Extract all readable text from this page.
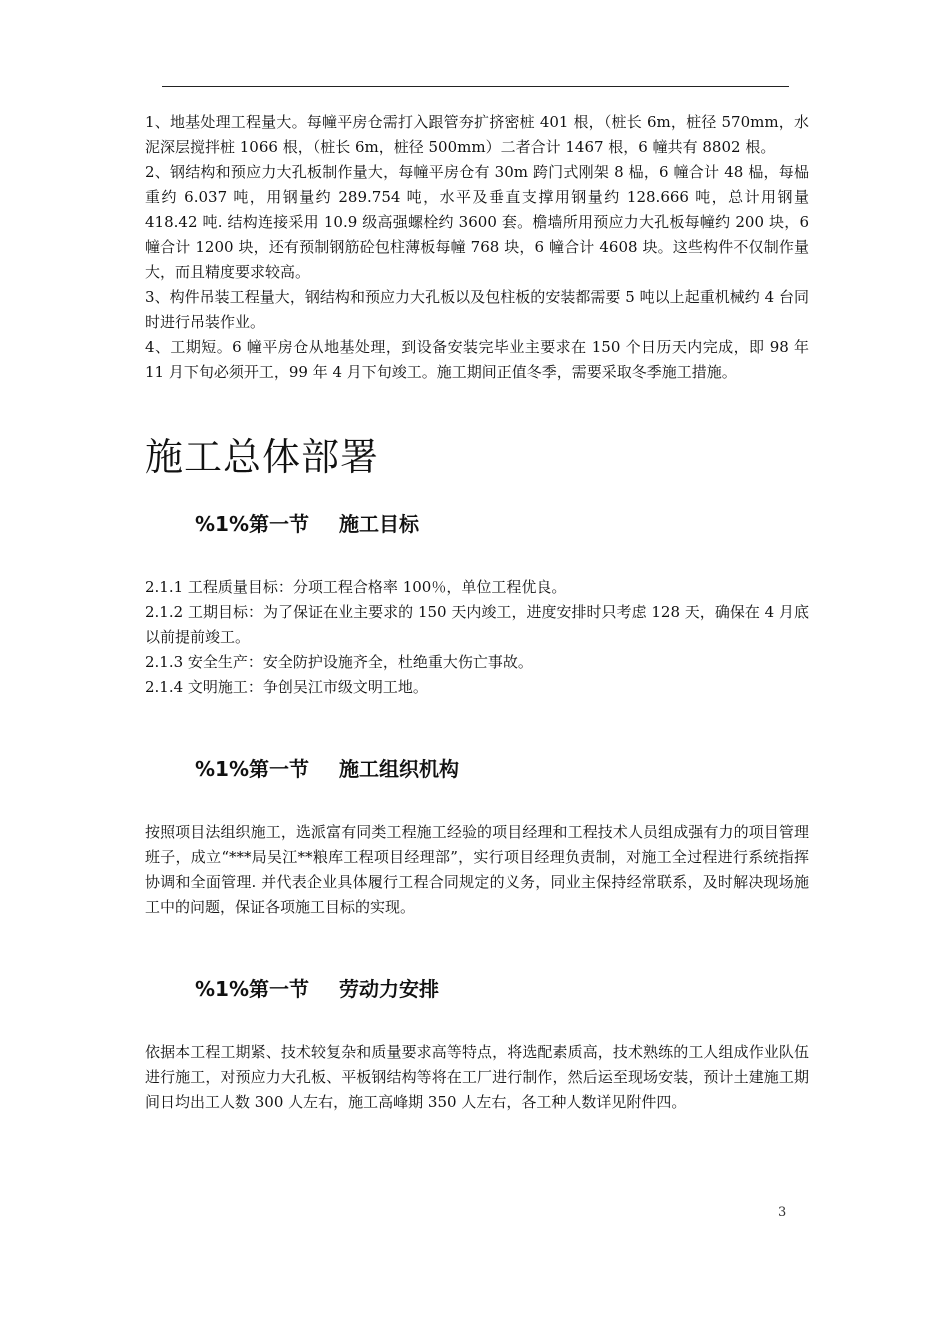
1、地基处理工程量大。每幢平房仓需打入跟管夯扩挤密桩 401 根，（桩长 6m，桩径 570mm，水泥深层搅拌桩 1066 根，（桩长 6m，桩径 500mm）二者合计 1467 根，6 幢共有 8802 根。

2、钢结构和预应力大孔板制作量大，每幢平房仓有 30m 跨门式刚架 8 榀，6 幢合计 48 榀，每榀重约 6.037 吨，用钢量约 289.754 吨，水平及垂直支撑用钢量约 128.666 吨，总计用钢量 418.42 吨. 结构连接采用 10.9 级高强螺栓约 3600 套。檐墙所用预应力大孔板每幢约 200 块，6 幢合计 1200 块，还有预制钢筋砼包柱薄板每幢 768 块，6 幢合计 4608 块。这些构件不仅制作量大，而且精度要求较高。

3、构件吊装工程量大，钢结构和预应力大孔板以及包柱板的安装都需要 5 吨以上起重机械约 4 台同时进行吊装作业。

4、工期短。6 幢平房仓从地基处理，到设备安装完毕业主要求在 150 个日历天内完成，即 98 年 11 月下旬必须开工，99 年 4 月下旬竣工。施工期间正值冬季，需要采取冬季施工措施。

施工总体部署
%1%第一节 施工目标

2.1.1 工程质量目标：分项工程合格率 100％，单位工程优良。

2.1.2 工期目标：为了保证在业主要求的 150 天内竣工，进度安排时只考虑 128 天，确保在 4 月底以前提前竣工。

2.1.3 安全生产：安全防护设施齐全，杜绝重大伤亡事故。

2.1.4 文明施工：争创吴江市级文明工地。

%1%第一节 施工组织机构

按照项目法组织施工，选派富有同类工程施工经验的项目经理和工程技术人员组成强有力的项目管理班子，成立“***局吴江**粮库工程项目经理部”，实行项目经理负责制，对施工全过程进行系统指挥协调和全面管理. 并代表企业具体履行工程合同规定的义务，同业主保持经常联系，及时解决现场施工中的问题，保证各项施工目标的实现。

%1%第一节 劳动力安排

依据本工程工期紧、技术较复杂和质量要求高等特点，将选配素质高，技术熟练的工人组成作业队伍进行施工，对预应力大孔板、平板钢结构等将在工厂进行制作，然后运至现场安装，预计土建施工期间日均出工人数 300 人左右，施工高峰期 350 人左右，各工种人数详见附件四。

3
